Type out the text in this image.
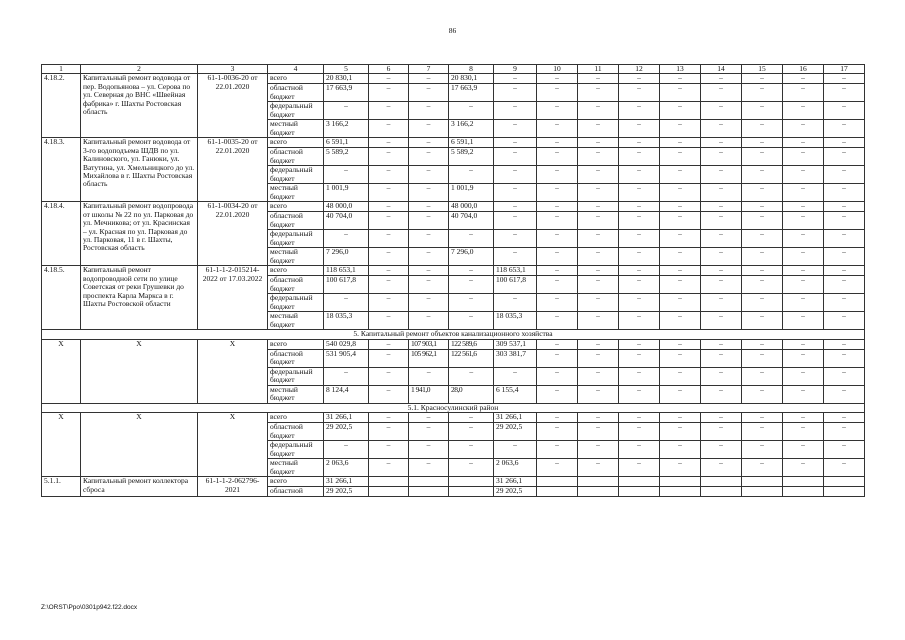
86
1	2	3	4	5	6	7	8	9	10	11	12	13	14	15	16	17
4.18.2.	Капитальный ремонт водовода от пер. Водопьянова – ул. Серова по ул. Северная до ВНС «Швейная фабрика» г. Шахты Ростовская область	61-1-0036-20 от 22.01.2020	всего	20 830,1	–	–	20 830,1	–	–	–	–	–	–	–	–	–
			областной бюджет	17 663,9	–	–	17 663,9	–	–	–	–	–	–	–	–	–
			федеральный бюджет	–	–	–	–	–	–	–	–	–	–	–	–	–
			местный бюджет	3 166,2	–	–	3 166,2	–	–	–	–	–	–	–	–	–
4.18.3.	Капитальный ремонт водовода от 3-го водоподъема ШДВ по ул. Калиновского, ул. Ганюки, ул. Ватутина, ул. Хмельницкого до ул. Михайлова в г. Шахты Ростовская область	61-1-0035-20 от 22.01.2020	всего	6 591,1	–	–	6 591,1	–	–	–	–	–	–	–	–	–
			областной бюджет	5 589,2	–	–	5 589,2	–	–	–	–	–	–	–	–	–
			федеральный бюджет	–	–	–	–	–	–	–	–	–	–	–	–	–
			местный бюджет	1 001,9	–	–	1 001,9	–	–	–	–	–	–	–	–	–
4.18.4.	Капитальный ремонт водопровода от школы № 22 по ул. Парковая до ул. Мечникова; от ул. Красинская – ул. Красная по ул. Парковая до ул. Парковая, 11 в г. Шахты, Ростовская область	61-1-0034-20 от 22.01.2020	всего	48 000,0	–	–	48 000,0	–	–	–	–	–	–	–	–	–
			областной бюджет	40 704,0	–	–	40 704,0	–	–	–	–	–	–	–	–	–
			федеральный бюджет	–	–	–	–	–	–	–	–	–	–	–	–	–
			местный бюджет	7 296,0	–	–	7 296,0	–	–	–	–	–	–	–	–	–
4.18.5.	Капитальный ремонт водопроводной сети по улице Советская от реки Грушевки до проспекта Карла Маркса в г. Шахты Ростовской области	61-1-1-2-015214-2022 от 17.03.2022	всего	118 653,1	–	–	–	118 653,1	–	–	–	–	–	–	–	–
			областной бюджет	100 617,8	–	–	–	100 617,8	–	–	–	–	–	–	–	–
			федеральный бюджет	–	–	–	–	–	–	–	–	–	–	–	–	–
			местный бюджет	18 035,3	–	–	–	18 035,3	–	–	–	–	–	–	–	–
5. Капитальный ремонт объектов канализационного хозяйства																
Х	Х	Х	всего	540 029,8	–	107 903,1	122 589,6	309 537,1	–	–	–	–	–	–	–	–
			областной бюджет	531 905,4	–	105 962,1	122 561,6	303 381,7	–	–	–	–	–	–	–	–
			федеральный бюджет	–	–	–	–	–	–	–	–	–	–	–	–	–
			местный бюджет	8 124,4	–	1 941,0	28,0	6 155,4	–	–	–	–	–	–	–	–
5.1. Красносулинский район																
Х	Х	Х	всего	31 266,1	–	–	–	31 266,1	–	–	–	–	–	–	–	–
			областной бюджет	29 202,5	–	–	–	29 202,5	–	–	–	–	–	–	–	–
			федеральный бюджет	–	–	–	–	–	–	–	–	–	–	–	–	–
			местный бюджет	2 063,6	–	–	–	2 063,6	–	–	–	–	–	–	–	–
5.1.1.	Капитальный ремонт коллектора сброса	61-1-1-2-062796-2021	всего	31 266,1				31 266,1								
			областной	29 202,5				29 202,5								
Z:\ORST\Ppo\0301p942.f22.docx
